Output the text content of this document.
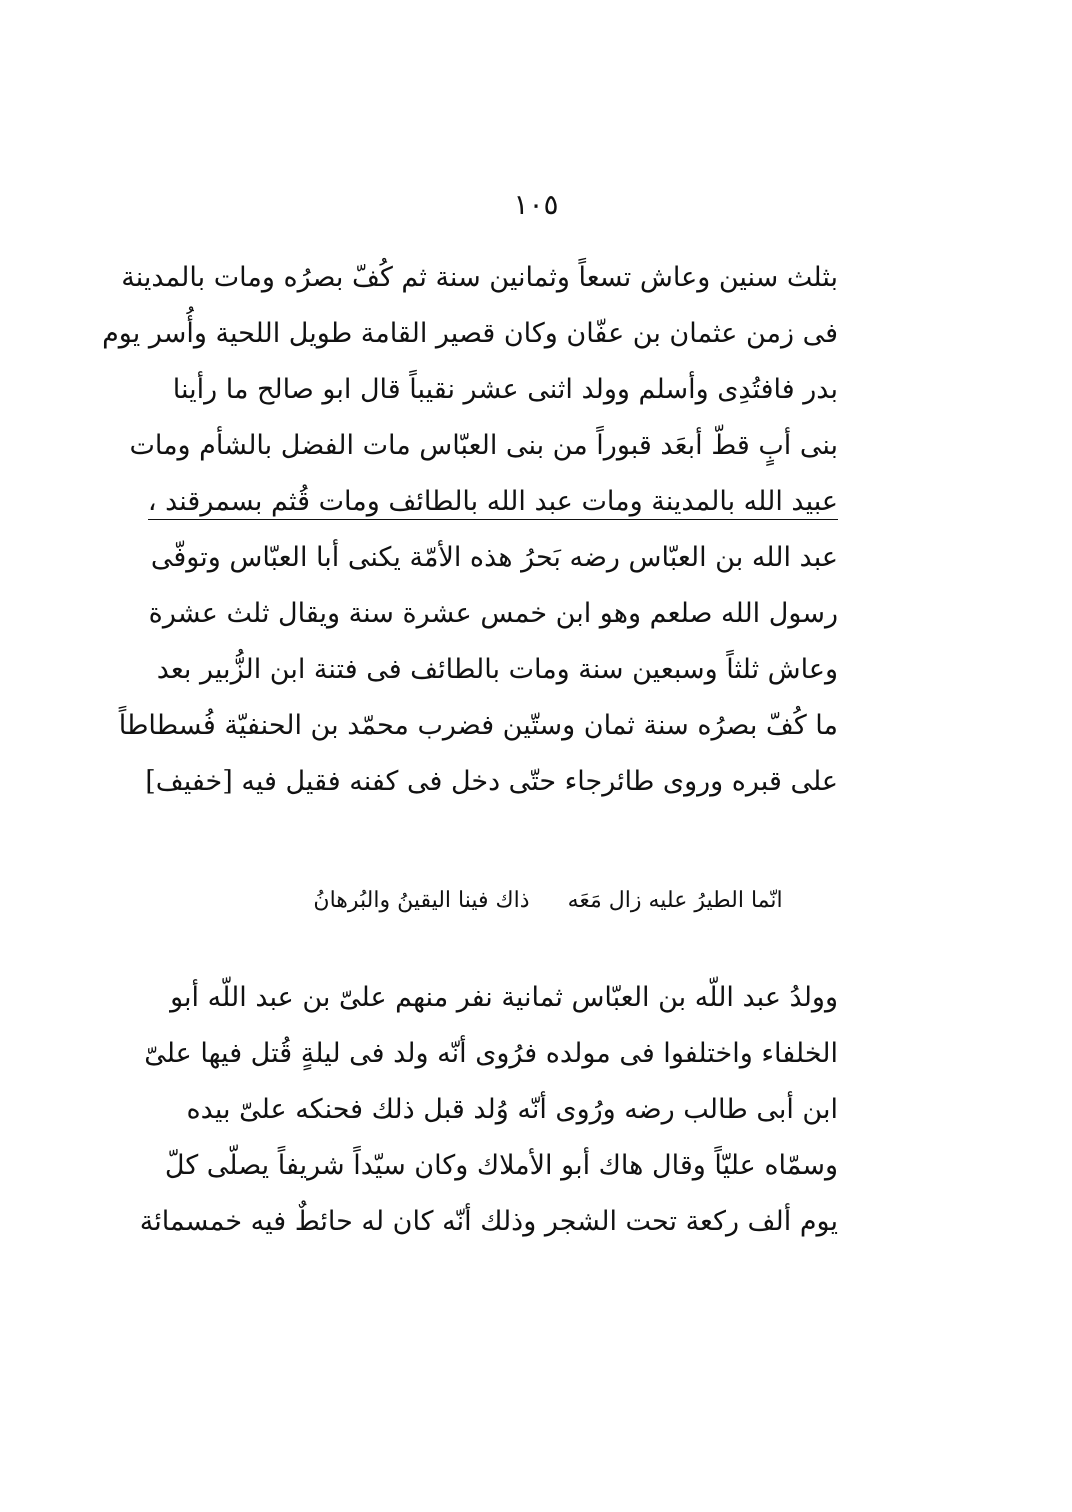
١٠٥
بثلث سنين وعاش تسعاً وثمانين سنة ثم كُفّ بصرُه ومات بالمدينة
فى زمن عثمان بن عفّان وكان قصير القامة طويل اللحية وأُسر يوم
بدر فافتُدِى وأسلم وولد اثنى عشر نقيباً قال ابو صالح ما رأينا
بنى أبٍ قطّ أبعَد قبوراً من بنى العبّاس مات الفضل بالشأم ومات
عبيد الله بالمدينة ومات عبد الله بالطائف ومات قُثم بسمرقند ،
عبد الله بن العبّاس رضه بَحرُ هذه الأمّة يكنى أبا العبّاس وتوفّى
رسول الله صلعم وهو ابن خمس عشرة سنة ويقال ثلث عشرة
وعاش ثلثاً وسبعين سنة ومات بالطائف فى فتنة ابن الزُّبير بعد
ما كُفّ بصرُه سنة ثمان وستّين فضرب محمّد بن الحنفيّة فُسطاطاً
على قبره وروى طائرجاء حتّى دخل فى كفنه فقيل فيه [خفيف]
انّما الطيرُ عليه زال مَعَه
ذاك فينا اليقينُ والبُرهانُ
وولدُ عبد اللّه بن العبّاس ثمانية نفر منهم علىّ بن عبد اللّه أبو
الخلفاء واختلفوا فى مولده فرُوى أنّه ولد فى ليلةٍ قُتل فيها علىّ
ابن أبى طالب رضه ورُوى أنّه وُلد قبل ذلك فحنكه علىّ بيده
وسمّاه عليّاً وقال هاك أبو الأملاك وكان سيّداً شريفاً يصلّى كلّ
يوم ألف ركعة تحت الشجر وذلك أنّه كان له حائطٌ فيه خمسمائة
